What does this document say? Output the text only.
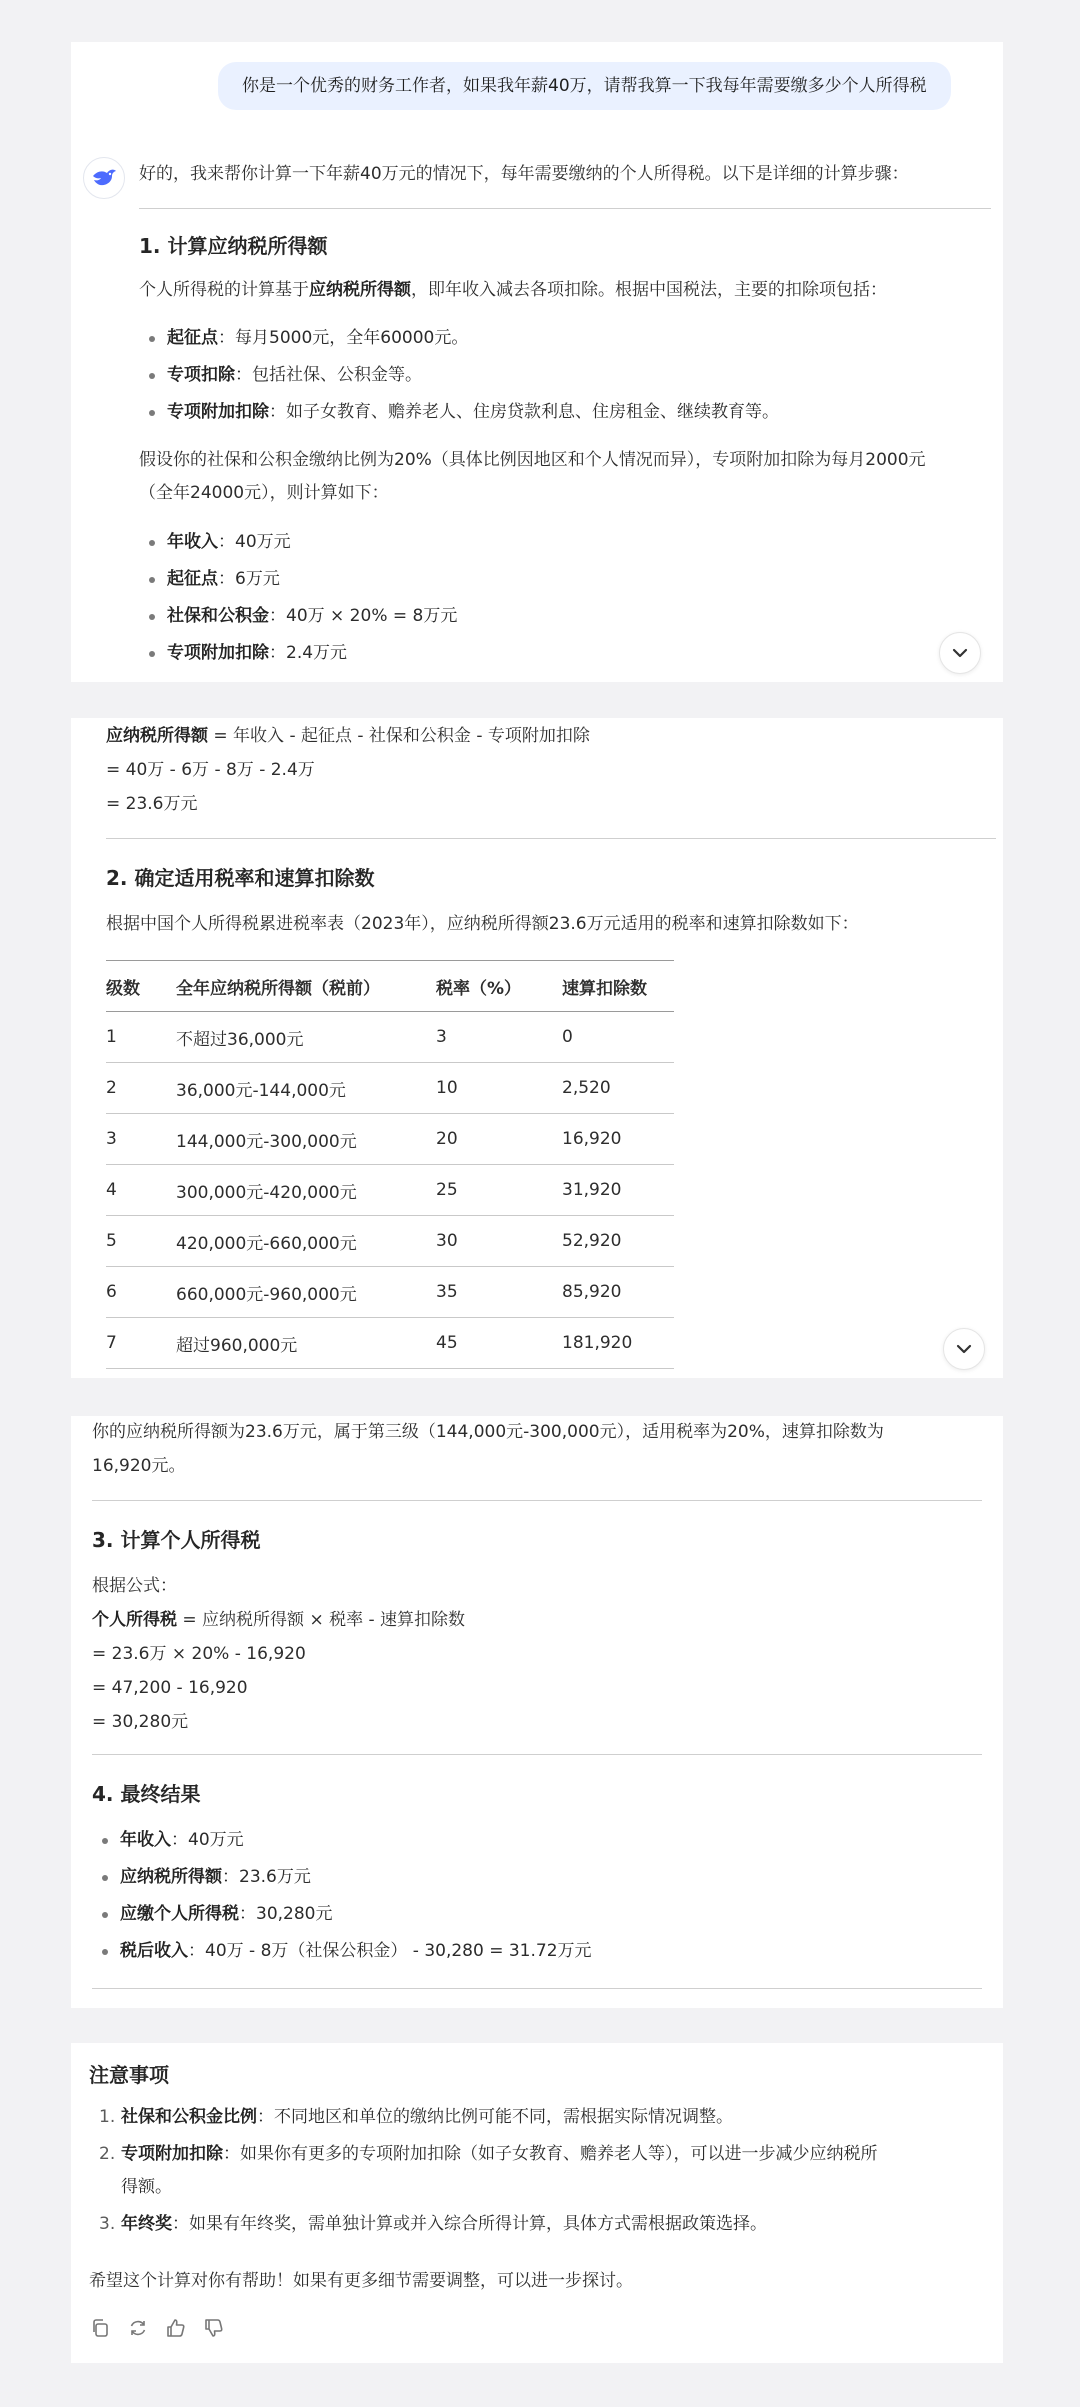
你是一个优秀的财务工作者，如果我年薪40万，请帮我算一下我每年需要缴多少个人所得税
好的，我来帮你计算一下年薪40万元的情况下，每年需要缴纳的个人所得税。以下是详细的计算步骤：
1. 计算应纳税所得额
个人所得税的计算基于应纳税所得额，即年收入减去各项扣除。根据中国税法，主要的扣除项包括：
起征点：每月5000元，全年60000元。
专项扣除：包括社保、公积金等。
专项附加扣除：如子女教育、赡养老人、住房贷款利息、住房租金、继续教育等。
假设你的社保和公积金缴纳比例为20%（具体比例因地区和个人情况而异），专项附加扣除为每月2000元
（全年24000元），则计算如下：
年收入：40万元
起征点：6万元
社保和公积金：40万 × 20% = 8万元
专项附加扣除：2.4万元
应纳税所得额 = 年收入 - 起征点 - 社保和公积金 - 专项附加扣除
= 40万 - 6万 - 8万 - 2.4万
= 23.6万元
2. 确定适用税率和速算扣除数
根据中国个人所得税累进税率表（2023年），应纳税所得额23.6万元适用的税率和速算扣除数如下：
级数	全年应纳税所得额（税前）	税率（%）	速算扣除数
1	不超过36,000元	3	0
2	36,000元-144,000元	10	2,520
3	144,000元-300,000元	20	16,920
4	300,000元-420,000元	25	31,920
5	420,000元-660,000元	30	52,920
6	660,000元-960,000元	35	85,920
7	超过960,000元	45	181,920
你的应纳税所得额为23.6万元，属于第三级（144,000元-300,000元），适用税率为20%，速算扣除数为
16,920元。
3. 计算个人所得税
根据公式：
个人所得税 = 应纳税所得额 × 税率 - 速算扣除数
= 23.6万 × 20% - 16,920
= 47,200 - 16,920
= 30,280元
4. 最终结果
年收入：40万元
应纳税所得额：23.6万元
应缴个人所得税：30,280元
税后收入：40万 - 8万（社保公积金） - 30,280 = 31.72万元
注意事项
1. 社保和公积金比例：不同地区和单位的缴纳比例可能不同，需根据实际情况调整。
2. 专项附加扣除：如果你有更多的专项附加扣除（如子女教育、赡养老人等），可以进一步减少应纳税所
得额。
3. 年终奖：如果有年终奖，需单独计算或并入综合所得计算，具体方式需根据政策选择。
希望这个计算对你有帮助！如果有更多细节需要调整，可以进一步探讨。
